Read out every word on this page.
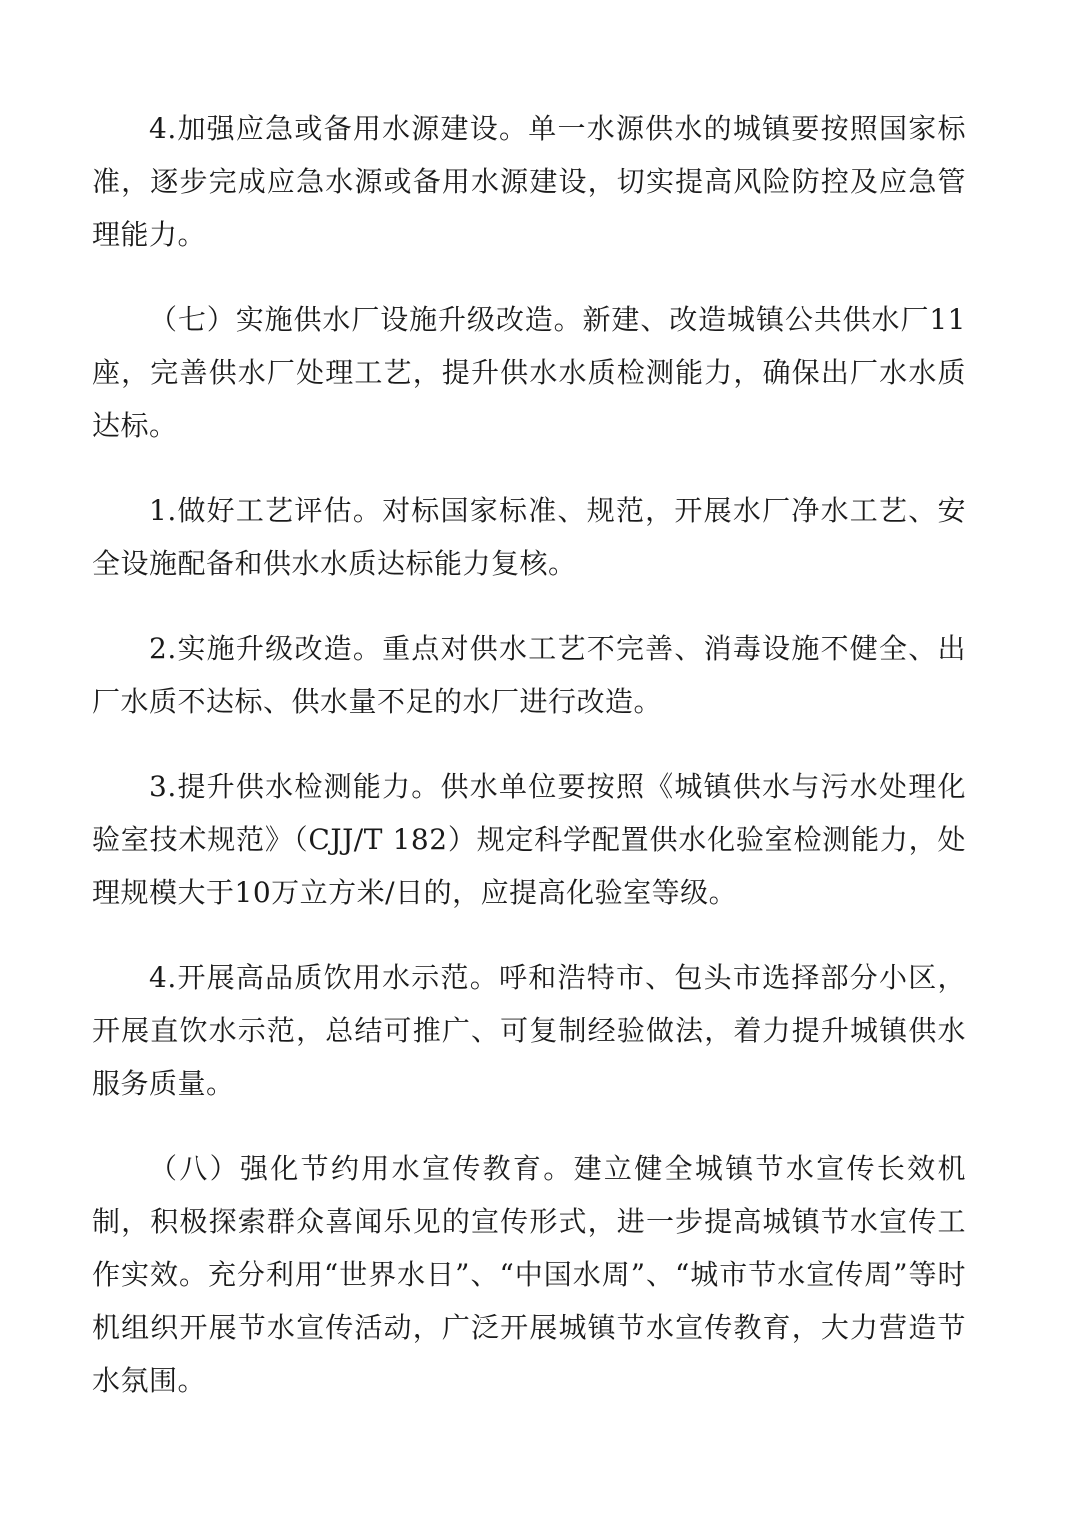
4.加强应急或备用水源建设。单一水源供水的城镇要按照国家标准，逐步完成应急水源或备用水源建设，切实提高风险防控及应急管理能力。

（七）实施供水厂设施升级改造。新建、改造城镇公共供水厂11座，完善供水厂处理工艺，提升供水水质检测能力，确保出厂水水质达标。

1.做好工艺评估。对标国家标准、规范，开展水厂净水工艺、安全设施配备和供水水质达标能力复核。

2.实施升级改造。重点对供水工艺不完善、消毒设施不健全、出厂水质不达标、供水量不足的水厂进行改造。

3.提升供水检测能力。供水单位要按照《城镇供水与污水处理化验室技术规范》（CJJ/T 182）规定科学配置供水化验室检测能力，处理规模大于10万立方米/日的，应提高化验室等级。

4.开展高品质饮用水示范。呼和浩特市、包头市选择部分小区，开展直饮水示范，总结可推广、可复制经验做法，着力提升城镇供水服务质量。

（八）强化节约用水宣传教育。建立健全城镇节水宣传长效机制，积极探索群众喜闻乐见的宣传形式，进一步提高城镇节水宣传工作实效。充分利用“世界水日”、“中国水周”、“城市节水宣传周”等时机组织开展节水宣传活动，广泛开展城镇节水宣传教育，大力营造节水氛围。
